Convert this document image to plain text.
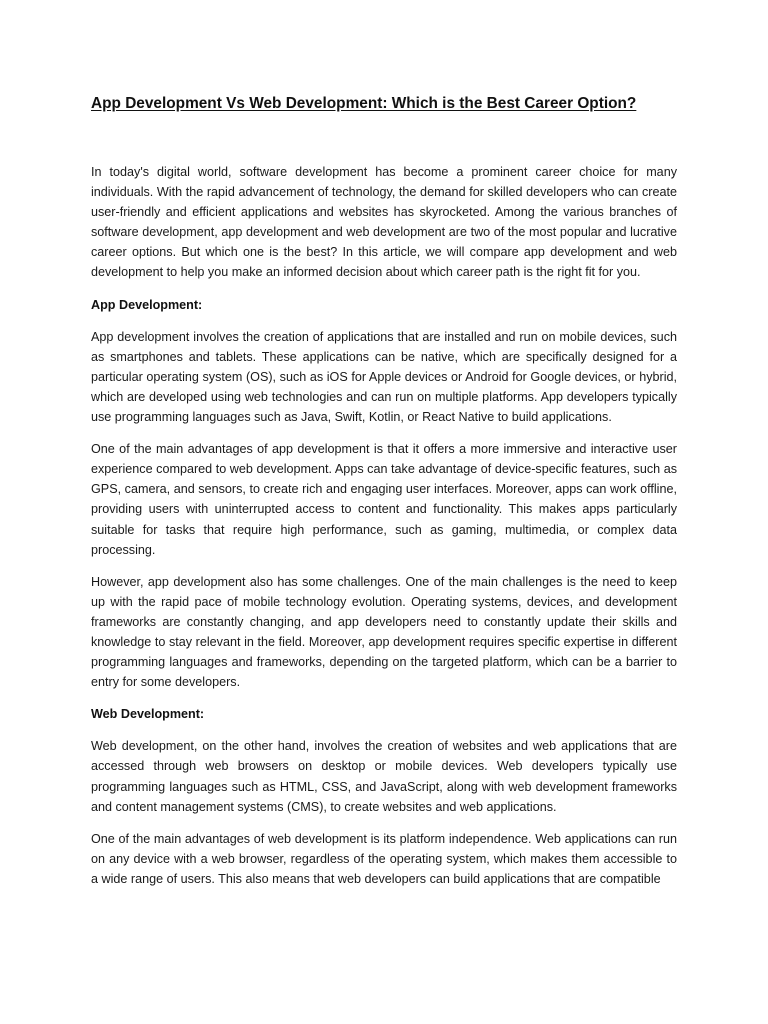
App Development Vs Web Development: Which is the Best Career Option?

In today's digital world, software development has become a prominent career choice for many individuals. With the rapid advancement of technology, the demand for skilled developers who can create user-friendly and efficient applications and websites has skyrocketed. Among the various branches of software development, app development and web development are two of the most popular and lucrative career options. But which one is the best? In this article, we will compare app development and web development to help you make an informed decision about which career path is the right fit for you.

App Development:

App development involves the creation of applications that are installed and run on mobile devices, such as smartphones and tablets. These applications can be native, which are specifically designed for a particular operating system (OS), such as iOS for Apple devices or Android for Google devices, or hybrid, which are developed using web technologies and can run on multiple platforms. App developers typically use programming languages such as Java, Swift, Kotlin, or React Native to build applications.

One of the main advantages of app development is that it offers a more immersive and interactive user experience compared to web development. Apps can take advantage of device-specific features, such as GPS, camera, and sensors, to create rich and engaging user interfaces. Moreover, apps can work offline, providing users with uninterrupted access to content and functionality. This makes apps particularly suitable for tasks that require high performance, such as gaming, multimedia, or complex data processing.

However, app development also has some challenges. One of the main challenges is the need to keep up with the rapid pace of mobile technology evolution. Operating systems, devices, and development frameworks are constantly changing, and app developers need to constantly update their skills and knowledge to stay relevant in the field. Moreover, app development requires specific expertise in different programming languages and frameworks, depending on the targeted platform, which can be a barrier to entry for some developers.

Web Development:

Web development, on the other hand, involves the creation of websites and web applications that are accessed through web browsers on desktop or mobile devices. Web developers typically use programming languages such as HTML, CSS, and JavaScript, along with web development frameworks and content management systems (CMS), to create websites and web applications.

One of the main advantages of web development is its platform independence. Web applications can run on any device with a web browser, regardless of the operating system, which makes them accessible to a wide range of users. This also means that web developers can build applications that are compatible
